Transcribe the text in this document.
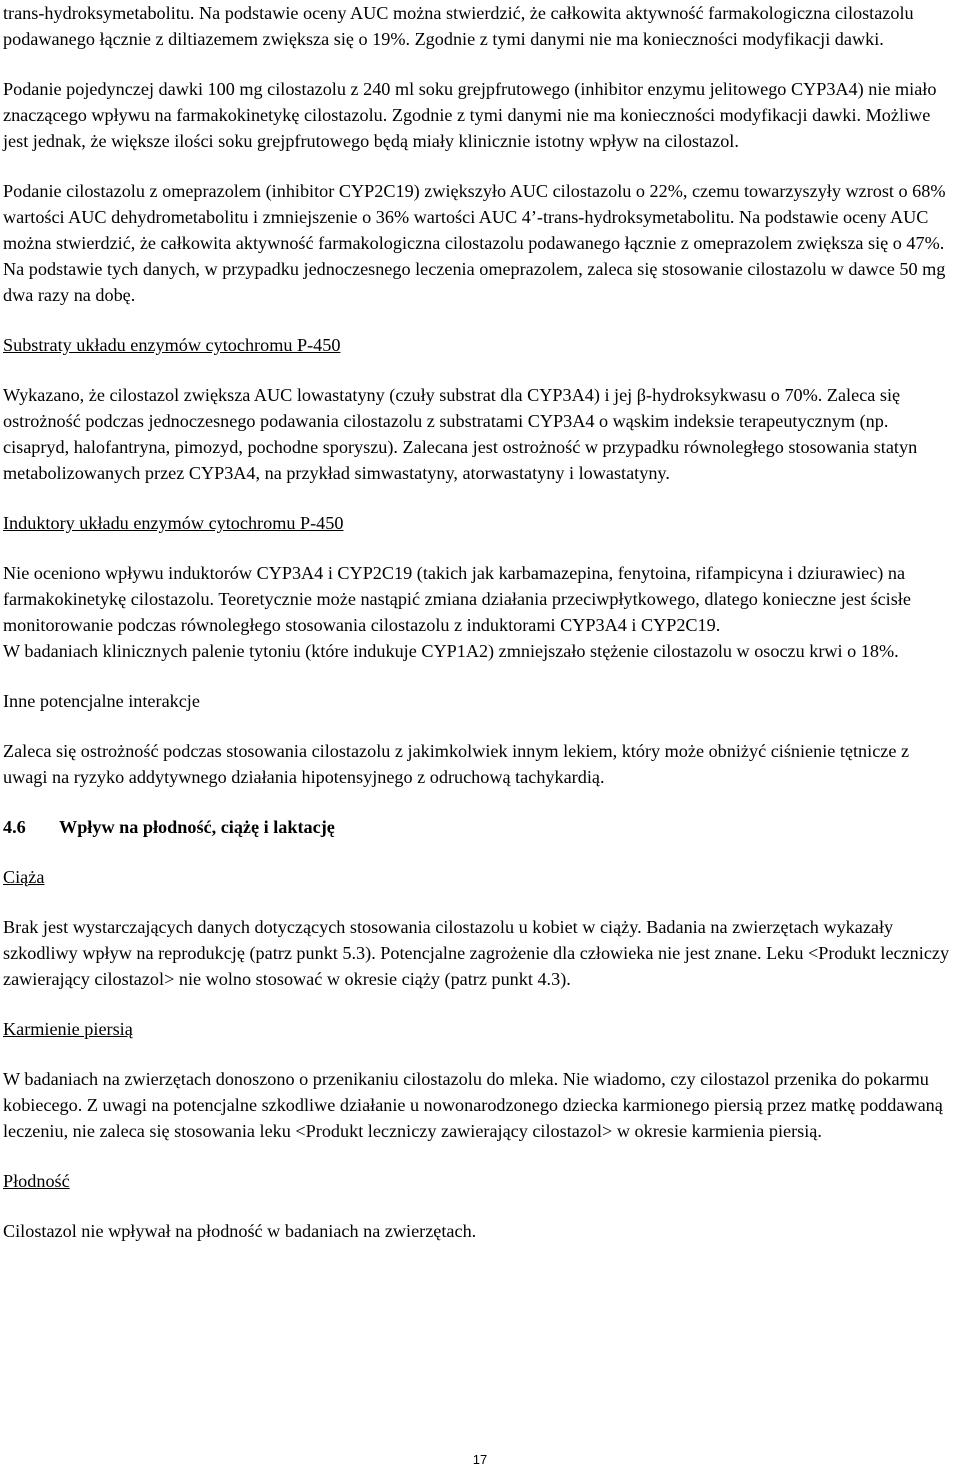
trans-hydroksymetabolitu. Na podstawie oceny AUC można stwierdzić, że całkowita aktywność farmakologiczna cilostazolu podawanego łącznie z diltiazemem zwiększa się o 19%. Zgodnie z tymi danymi nie ma konieczności modyfikacji dawki.

Podanie pojedynczej dawki 100 mg cilostazolu z 240 ml soku grejpfrutowego (inhibitor enzymu jelitowego CYP3A4) nie miało znaczącego wpływu na farmakokinetykę cilostazolu. Zgodnie z tymi danymi nie ma konieczności modyfikacji dawki. Możliwe jest jednak, że większe ilości soku grejpfrutowego będą miały klinicznie istotny wpływ na cilostazol.

Podanie cilostazolu z omeprazolem (inhibitor CYP2C19) zwiększyło AUC cilostazolu o 22%, czemu towarzyszyły wzrost o 68% wartości AUC dehydrometabolitu i zmniejszenie o 36% wartości AUC 4’-trans-hydroksymetabolitu. Na podstawie oceny AUC można stwierdzić, że całkowita aktywność farmakologiczna cilostazolu podawanego łącznie z omeprazolem zwiększa się o 47%. Na podstawie tych danych, w przypadku jednoczesnego leczenia omeprazolem, zaleca się stosowanie cilostazolu w dawce 50 mg dwa razy na dobę.

Substraty układu enzymów cytochromu P-450

Wykazano, że cilostazol zwiększa AUC lowastatyny (czuły substrat dla CYP3A4) i jej β-hydroksykwasu o 70%. Zaleca się ostrożność podczas jednoczesnego podawania cilostazolu z substratami CYP3A4 o wąskim indeksie terapeutycznym (np. cisapryd, halofantryna, pimozyd, pochodne sporyszu). Zalecana jest ostrożność w przypadku równoległego stosowania statyn metabolizowanych przez CYP3A4, na przykład simwastatyny, atorwastatyny i lowastatyny.

Induktory układu enzymów cytochromu P-450

Nie oceniono wpływu induktorów CYP3A4 i CYP2C19 (takich jak karbamazepina, fenytoina, rifampicyna i dziurawiec) na farmakokinetykę cilostazolu. Teoretycznie może nastąpić zmiana działania przeciwpłytkowego, dlatego konieczne jest ścisłe monitorowanie podczas równoległego stosowania cilostazolu z induktorami CYP3A4 i CYP2C19.

W badaniach klinicznych palenie tytoniu (które indukuje CYP1A2) zmniejszało stężenie cilostazolu w osoczu krwi o 18%.

Inne potencjalne interakcje

Zaleca się ostrożność podczas stosowania cilostazolu z jakimkolwiek innym lekiem, który może obniżyć ciśnienie tętnicze z uwagi na ryzyko addytywnego działania hipotensyjnego z odruchową tachykardią.

4.6 Wpływ na płodność, ciążę i laktację

Ciąża

Brak jest wystarczających danych dotyczących stosowania cilostazolu u kobiet w ciąży. Badania na zwierzętach wykazały szkodliwy wpływ na reprodukcję (patrz punkt 5.3). Potencjalne zagrożenie dla człowieka nie jest znane. Leku <Produkt leczniczy zawierający cilostazol> nie wolno stosować w okresie ciąży (patrz punkt 4.3).

Karmienie piersią

W badaniach na zwierzętach donoszono o przenikaniu cilostazolu do mleka. Nie wiadomo, czy cilostazol przenika do pokarmu kobiecego. Z uwagi na potencjalne szkodliwe działanie u nowonarodzonego dziecka karmionego piersią przez matkę poddawaną leczeniu, nie zaleca się stosowania leku <Produkt leczniczy zawierający cilostazol> w okresie karmienia piersią.

Płodność

Cilostazol nie wpływał na płodność w badaniach na zwierzętach.

17
